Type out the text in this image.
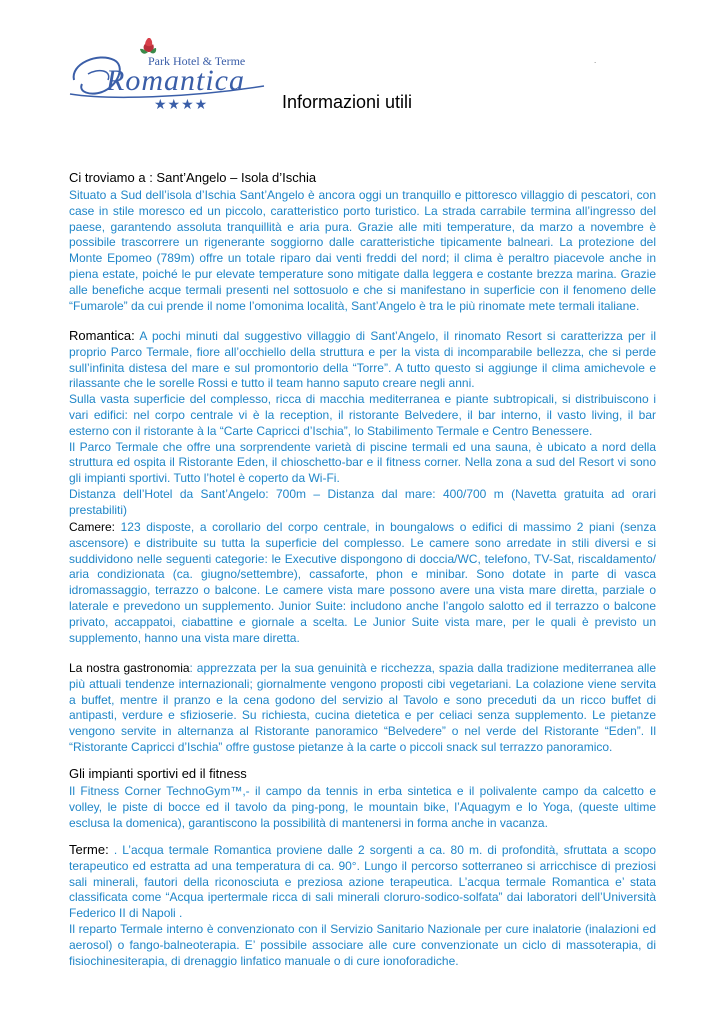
Park Hotel & Terme
Romantica
★★★★
.
Informazioni utili
Ci troviamo a : Sant’Angelo – Isola d’Ischia

Situato a Sud dell’isola d’Ischia Sant’Angelo è ancora oggi un tranquillo e pittoresco villaggio di pescatori, con case in stile moresco ed un piccolo, caratteristico porto turistico. La strada carrabile termina all’ingresso del paese, garantendo assoluta tranquillità e aria pura. Grazie alle miti temperature, da marzo a novembre è possibile trascorrere un rigenerante soggiorno dalle caratteristiche tipicamente balneari. La protezione del Monte Epomeo (789m) offre un totale riparo dai venti freddi del nord; il clima è peraltro piacevole anche in piena estate, poiché le pur elevate temperature sono mitigate dalla leggera e costante brezza marina. Grazie alle benefiche acque termali presenti nel sottosuolo e che si manifestano in superficie con il fenomeno delle “Fumarole” da cui prende il nome l’omonima località, Sant’Angelo è tra le più rinomate mete termali italiane.

Romantica: A pochi minuti dal suggestivo villaggio di Sant’Angelo, il rinomato Resort si caratterizza per il proprio Parco Termale, fiore all’occhiello della struttura e per la vista di incomparabile bellezza, che si perde sull’infinita distesa del mare e sul promontorio della “Torre”. A tutto questo si aggiunge il clima amichevole e rilassante che le sorelle Rossi e tutto il team hanno saputo creare negli anni.

Sulla vasta superficie del complesso, ricca di macchia mediterranea e piante subtropicali, si distribuiscono i vari edifici: nel corpo centrale vi è la reception, il ristorante Belvedere, il bar interno, il vasto living, il bar esterno con il ristorante à la “Carte Capricci d’Ischia”, lo Stabilimento Termale e Centro Benessere.

Il Parco Termale che offre una sorprendente varietà di piscine termali ed una sauna, è ubicato a nord della struttura ed ospita il Ristorante Eden, il chioschetto-bar e il fitness corner. Nella zona a sud del Resort vi sono gli impianti sportivi. Tutto l’hotel è coperto da Wi-Fi.

Distanza dell’Hotel da Sant’Angelo: 700m – Distanza dal mare: 400/700 m (Navetta gratuita ad orari prestabiliti)

Camere: 123 disposte, a corollario del corpo centrale, in boungalows o edifici di massimo 2 piani (senza ascensore) e distribuite su tutta la superficie del complesso. Le camere sono arredate in stili diversi e si suddividono nelle seguenti categorie: le Executive dispongono di doccia/WC, telefono, TV-Sat, riscaldamento/ aria condizionata (ca. giugno/settembre), cassaforte, phon e minibar. Sono dotate in parte di vasca idromassaggio, terrazzo o balcone. Le camere vista mare possono avere una vista mare diretta, parziale o laterale e prevedono un supplemento. Junior Suite: includono anche l’angolo salotto ed il terrazzo o balcone privato, accappatoi, ciabattine e giornale a scelta. Le Junior Suite vista mare, per le quali è previsto un supplemento, hanno una vista mare diretta.

La nostra gastronomia: apprezzata per la sua genuinità e ricchezza, spazia dalla tradizione mediterranea alle più attuali tendenze internazionali; giornalmente vengono proposti cibi vegetariani. La colazione viene servita a buffet, mentre il pranzo e la cena godono del servizio al Tavolo e sono preceduti da un ricco buffet di antipasti, verdure e sfizioserie. Su richiesta, cucina dietetica e per celiaci senza supplemento. Le pietanze vengono servite in alternanza al Ristorante panoramico “Belvedere” o nel verde del Ristorante “Eden”. Il “Ristorante Capricci d’Ischia” offre gustose pietanze à la carte o piccoli snack sul terrazzo panoramico.

Gli impianti sportivi ed il fitness

Il Fitness Corner TechnoGym™,- il campo da tennis in erba sintetica e il polivalente campo da calcetto e volley, le piste di bocce ed il tavolo da ping-pong, le mountain bike, l’Aquagym e lo Yoga, (queste ultime esclusa la domenica), garantiscono la possibilità di mantenersi in forma anche in vacanza.

Terme: . L’acqua termale Romantica proviene dalle 2 sorgenti a ca. 80 m. di profondità, sfruttata a scopo terapeutico ed estratta ad una temperatura di ca. 90°. Lungo il percorso sotterraneo si arricchisce di preziosi sali minerali, fautori della riconosciuta e preziosa azione terapeutica. L’acqua termale Romantica e’ stata classificata come “Acqua ipertermale ricca di sali minerali cloruro-sodico-solfata” dai laboratori dell’Università Federico II di Napoli .

Il reparto Termale interno è convenzionato con il Servizio Sanitario Nazionale per cure inalatorie (inalazioni ed aerosol) o fango-balneoterapia. E’ possibile associare alle cure convenzionate un ciclo di massoterapia, di fisiochinesiterapia, di drenaggio linfatico manuale o di cure ionoforadiche.
